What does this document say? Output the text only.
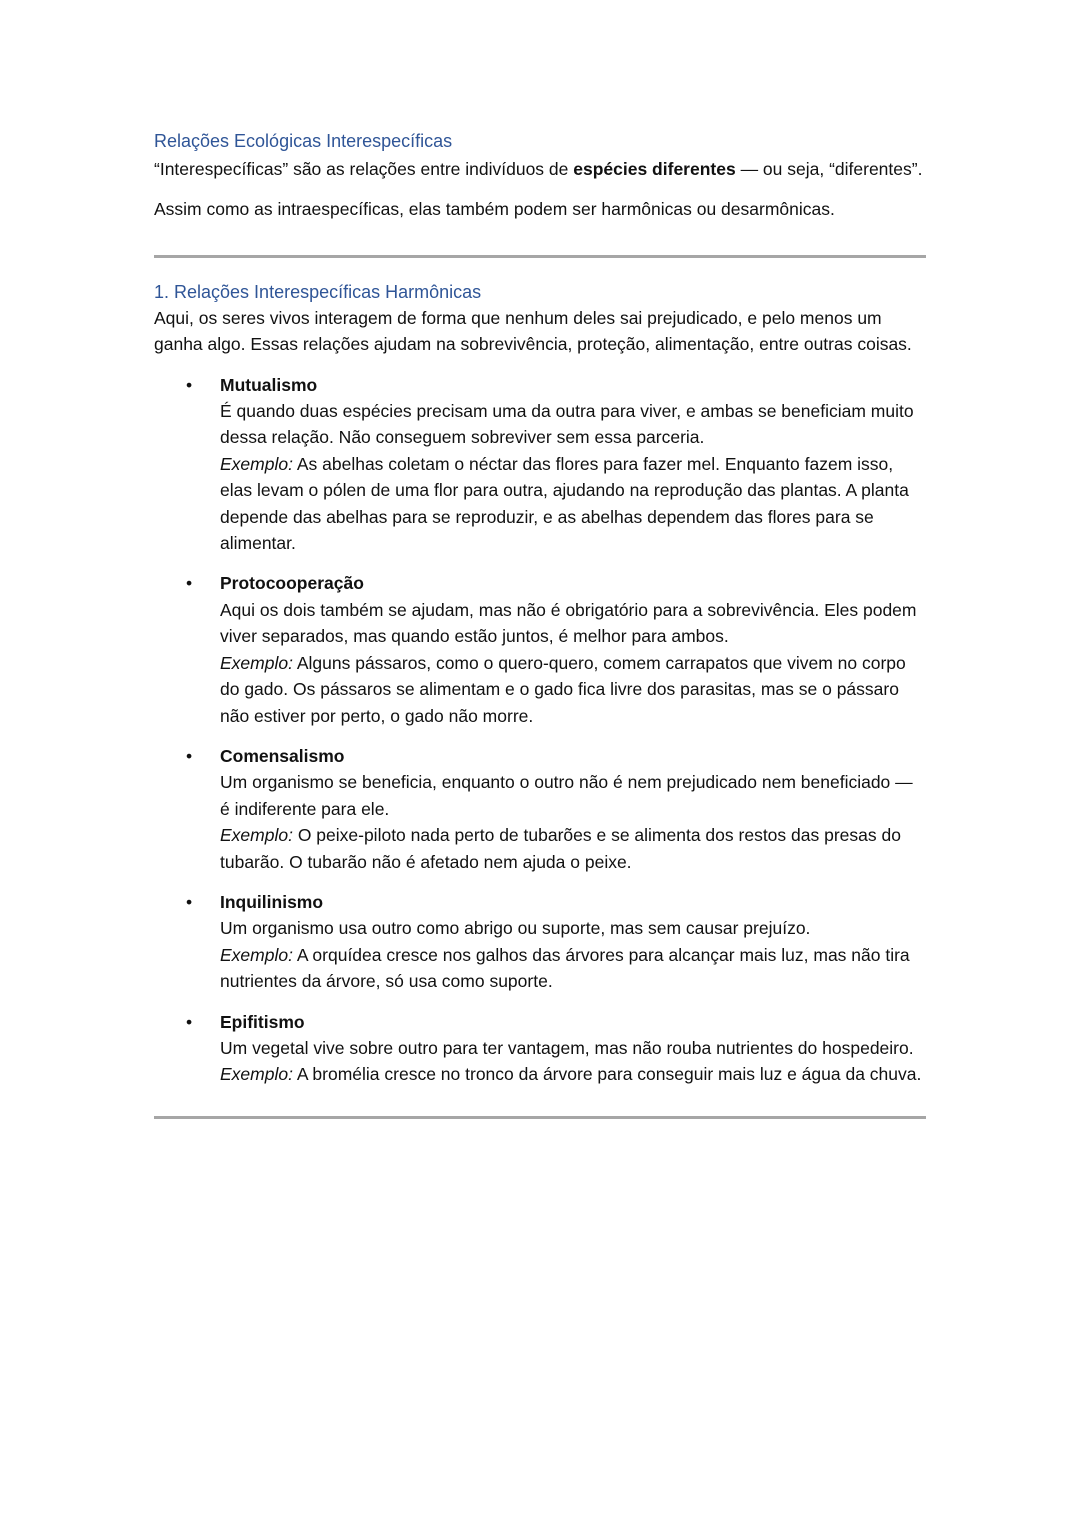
Relações Ecológicas Interespecíficas

“Interespecíficas” são as relações entre indivíduos de espécies diferentes — ou seja, “diferentes”.

Assim como as intraespecíficas, elas também podem ser harmônicas ou desarmônicas.

1. Relações Interespecíficas Harmônicas

Aqui, os seres vivos interagem de forma que nenhum deles sai prejudicado, e pelo menos um ganha algo. Essas relações ajudam na sobrevivência, proteção, alimentação, entre outras coisas.

• Mutualismo
É quando duas espécies precisam uma da outra para viver, e ambas se beneficiam muito dessa relação. Não conseguem sobreviver sem essa parceria.
Exemplo: As abelhas coletam o néctar das flores para fazer mel. Enquanto fazem isso, elas levam o pólen de uma flor para outra, ajudando na reprodução das plantas. A planta depende das abelhas para se reproduzir, e as abelhas dependem das flores para se alimentar.
• Protocooperação
Aqui os dois também se ajudam, mas não é obrigatório para a sobrevivência. Eles podem viver separados, mas quando estão juntos, é melhor para ambos.
Exemplo: Alguns pássaros, como o quero-quero, comem carrapatos que vivem no corpo do gado. Os pássaros se alimentam e o gado fica livre dos parasitas, mas se o pássaro não estiver por perto, o gado não morre.
• Comensalismo
Um organismo se beneficia, enquanto o outro não é nem prejudicado nem beneficiado — é indiferente para ele.
Exemplo: O peixe-piloto nada perto de tubarões e se alimenta dos restos das presas do tubarão. O tubarão não é afetado nem ajuda o peixe.
• Inquilinismo
Um organismo usa outro como abrigo ou suporte, mas sem causar prejuízo.
Exemplo: A orquídea cresce nos galhos das árvores para alcançar mais luz, mas não tira nutrientes da árvore, só usa como suporte.
• Epifitismo
Um vegetal vive sobre outro para ter vantagem, mas não rouba nutrientes do hospedeiro.
Exemplo: A bromélia cresce no tronco da árvore para conseguir mais luz e água da chuva.
